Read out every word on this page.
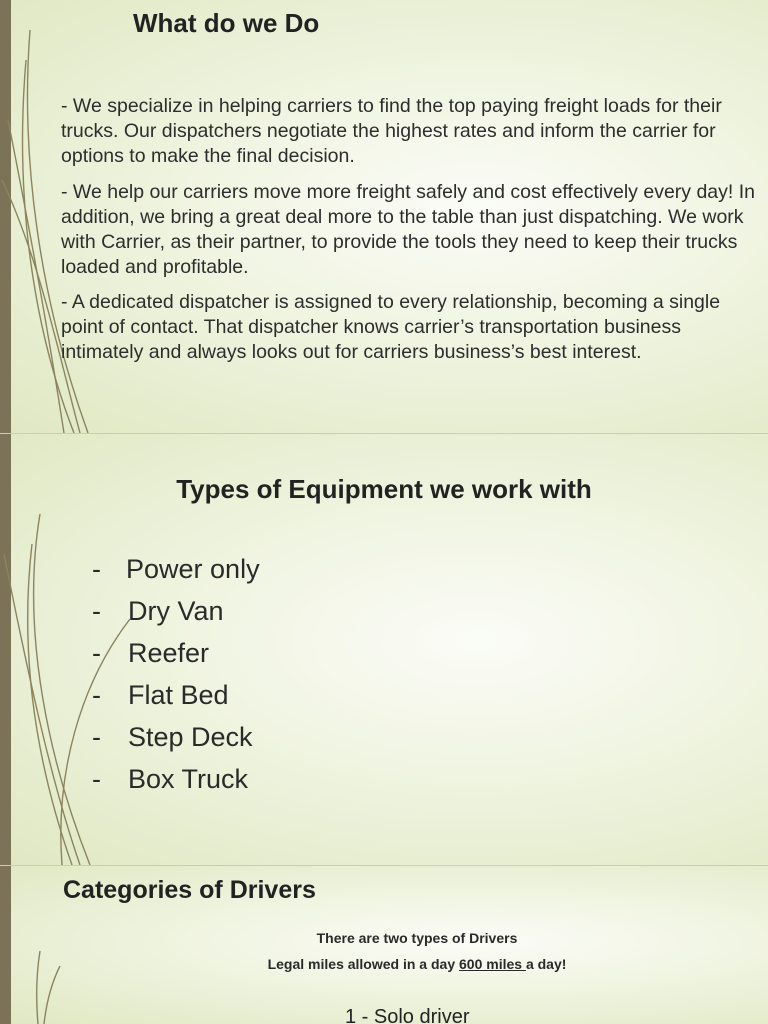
What do we Do

- We specialize in helping carriers to find the top paying freight loads for their trucks. Our dispatchers negotiate the highest rates and inform the carrier for options to make the final decision.

- We help our carriers move more freight safely and cost effectively every day! In addition, we bring a great deal more to the table than just dispatching. We work with Carrier, as their partner, to provide the tools they need to keep their trucks loaded and profitable.

- A dedicated dispatcher is assigned to every relationship, becoming a single point of contact. That dispatcher knows carrier’s transportation business intimately and always looks out for carriers business’s best interest.

Types of Equipment we work with
- Power only
- Dry Van
- Reefer
- Flat Bed
- Step Deck
- Box Truck
Categories of Drivers
There are two types of Drivers
Legal miles allowed in a day 600 miles a day!
1 - Solo driver
